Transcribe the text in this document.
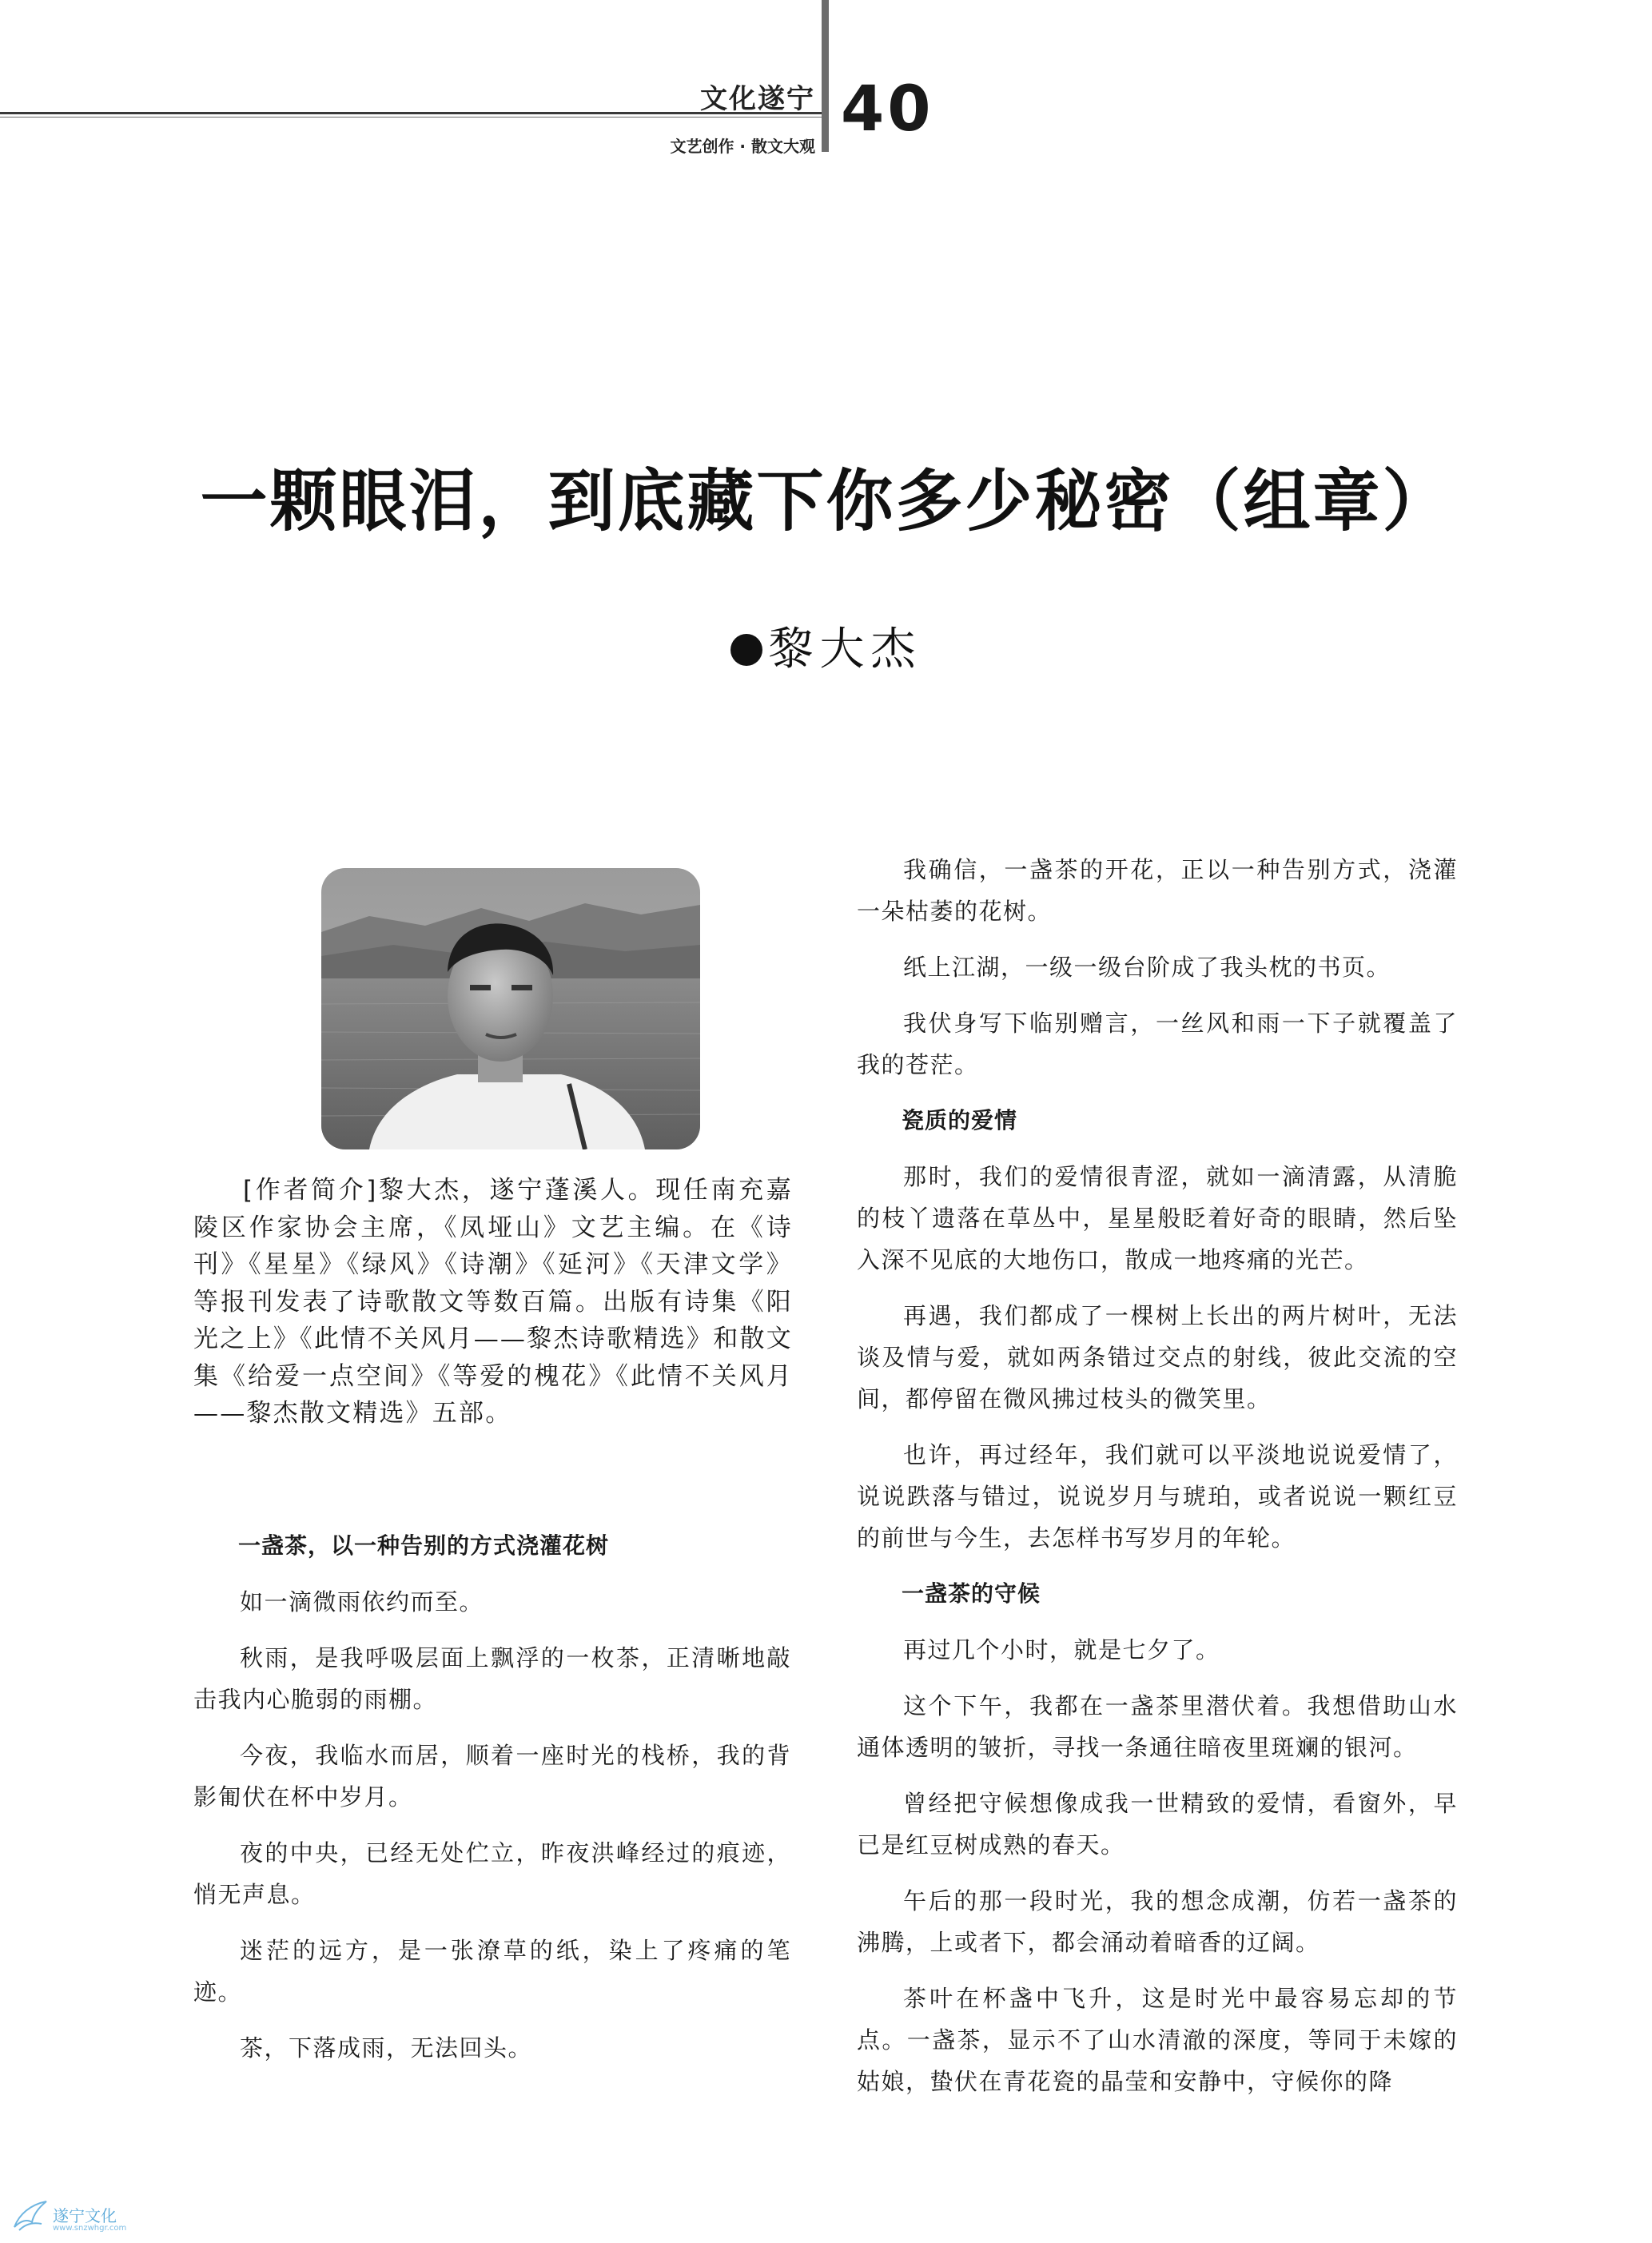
文化遂宁
文艺创作 · 散文大观
40
一颗眼泪，到底藏下你多少秘密（组章）
黎大杰

[作者简介]黎大杰，遂宁蓬溪人。现任南充嘉陵区作家协会主席，《凤垭山》文艺主编。在《诗刊》《星星》《绿风》《诗潮》《延河》《天津文学》等报刊发表了诗歌散文等数百篇。出版有诗集《阳光之上》《此情不关风月——黎杰诗歌精选》和散文集《给爱一点空间》《等爱的槐花》《此情不关风月——黎杰散文精选》五部。

一盏茶，以一种告别的方式浇灌花树

如一滴微雨依约而至。

秋雨，是我呼吸层面上飘浮的一枚茶，正清晰地敲击我内心脆弱的雨棚。

今夜，我临水而居，顺着一座时光的栈桥，我的背影匍伏在杯中岁月。

夜的中央，已经无处伫立，昨夜洪峰经过的痕迹，悄无声息。

迷茫的远方，是一张潦草的纸，染上了疼痛的笔迹。

茶，下落成雨，无法回头。

我确信，一盏茶的开花，正以一种告别方式，浇灌一朵枯萎的花树。

纸上江湖，一级一级台阶成了我头枕的书页。

我伏身写下临别赠言，一丝风和雨一下子就覆盖了我的苍茫。

瓷质的爱情

那时，我们的爱情很青涩，就如一滴清露，从清脆的枝丫遗落在草丛中，星星般眨着好奇的眼睛，然后坠入深不见底的大地伤口，散成一地疼痛的光芒。

再遇，我们都成了一棵树上长出的两片树叶，无法谈及情与爱，就如两条错过交点的射线，彼此交流的空间，都停留在微风拂过枝头的微笑里。

也许，再过经年，我们就可以平淡地说说爱情了，说说跌落与错过，说说岁月与琥珀，或者说说一颗红豆的前世与今生，去怎样书写岁月的年轮。

一盏茶的守候

再过几个小时，就是七夕了。

这个下午，我都在一盏茶里潜伏着。我想借助山水通体透明的皱折，寻找一条通往暗夜里斑斓的银河。

曾经把守候想像成我一世精致的爱情，看窗外，早已是红豆树成熟的春天。

午后的那一段时光，我的想念成潮，仿若一盏茶的沸腾，上或者下，都会涌动着暗香的辽阔。

茶叶在杯盏中飞升，这是时光中最容易忘却的节点。一盏茶，显示不了山水清澈的深度，等同于未嫁的姑娘，蛰伏在青花瓷的晶莹和安静中，守候你的降

遂宁文化
www.snzwhgr.com
